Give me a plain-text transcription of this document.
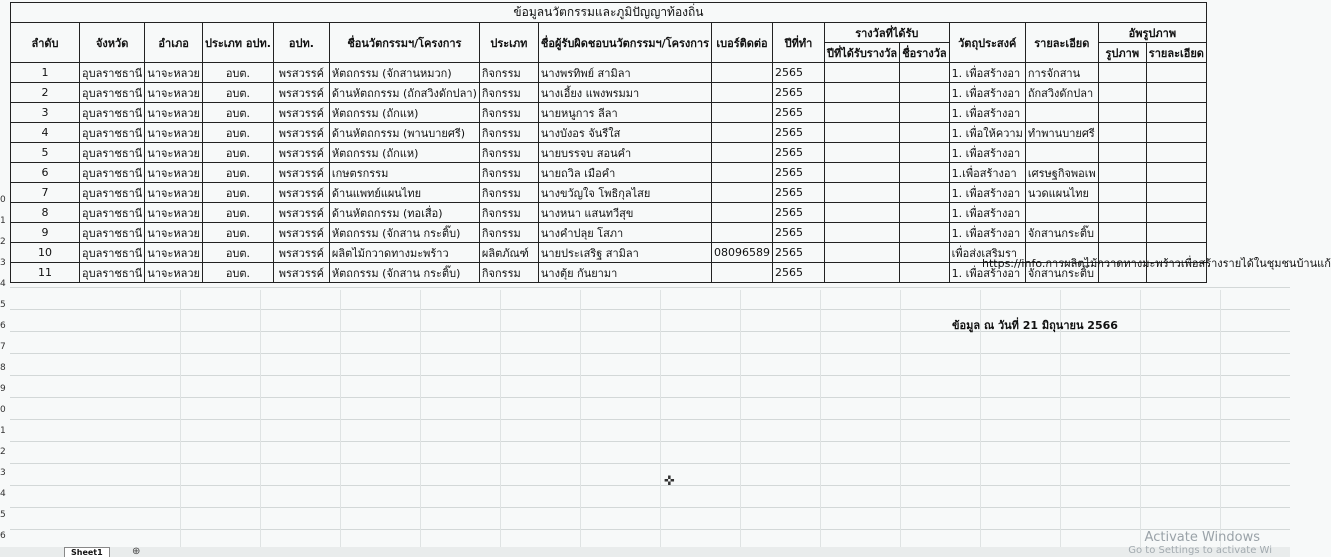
ข้อมูลนวัตกรรมและภูมิปัญญาท้องถิ่น															
ลำดับ	จังหวัด	อำเภอ	ประเภท อปท.	อปท.	ชื่อนวัตกรรมฯ/โครงการ	ประเภท	ชื่อผู้รับผิดชอบนวัตกรรมฯ/โครงการ	เบอร์ติดต่อ	ปีที่ทำ	รางวัลที่ได้รับ		วัตถุประสงค์	รายละเอียด	อัพรูปภาพ	
										ปีที่ได้รับรางวัล	ชื่อรางวัล			รูปภาพ	รายละเอียด
1	อุบลราชธานี	นาจะหลวย	อบต.	พรสวรรค์	หัตถกรรม (จักสานหมวก)	กิจกรรม	นางพรทิพย์ สามิลา		2565			1. เพื่อสร้างอา	การจักสาน		
2	อุบลราชธานี	นาจะหลวย	อบต.	พรสวรรค์	ด้านหัตถกรรม (ถักสวิงดักปลา)	กิจกรรม	นางเอี้ยง แพงพรมมา		2565			1. เพื่อสร้างอา	ถักสวิงดักปลา		
3	อุบลราชธานี	นาจะหลวย	อบต.	พรสวรรค์	หัตถกรรม (ถักแห)	กิจกรรม	นายหนูการ ลีลา		2565			1. เพื่อสร้างอา			
4	อุบลราชธานี	นาจะหลวย	อบต.	พรสวรรค์	ด้านหัตถกรรม (พานบายศรี)	กิจกรรม	นางบังอร จันรีใส		2565			1. เพื่อให้ความ	ทำพานบายศรี		
5	อุบลราชธานี	นาจะหลวย	อบต.	พรสวรรค์	หัตถกรรม (ถักแห)	กิจกรรม	นายบรรจบ สอนคำ		2565			1. เพื่อสร้างอา			
6	อุบลราชธานี	นาจะหลวย	อบต.	พรสวรรค์	เกษตรกรรม	กิจกรรม	นายถวิล เมือคำ		2565			1.เพื่อสร้างอา	เศรษฐกิจพอเพ		
7	อุบลราชธานี	นาจะหลวย	อบต.	พรสวรรค์	ด้านแพทย์แผนไทย	กิจกรรม	นางขวัญใจ โพธิกุลไสย		2565			1. เพื่อสร้างอา	นวดแผนไทย		
8	อุบลราชธานี	นาจะหลวย	อบต.	พรสวรรค์	ด้านหัตถกรรม (ทอเสื่อ)	กิจกรรม	นางหนา แสนทวีสุข		2565			1. เพื่อสร้างอา			
9	อุบลราชธานี	นาจะหลวย	อบต.	พรสวรรค์	หัตถกรรม (จักสาน กระติ๊บ)	กิจกรรม	นางคำปลุย โสภา		2565			1. เพื่อสร้างอา	จักสานกระติ๊บ		
10	อุบลราชธานี	นาจะหลวย	อบต.	พรสวรรค์	ผลิตไม้กวาดทางมะพร้าว	ผลิตภัณฑ์	นายประเสริฐ สามิลา	08096589	2565			เพื่อส่งเสริมรา			
11	อุบลราชธานี	นาจะหลวย	อบต.	พรสวรรค์	หัตถกรรม (จักสาน กระติ๊บ)	กิจกรรม	นางตุ้ย กันยามา		2565			1. เพื่อสร้างอา	จักสานกระติ๊บ		
https://info.การผลิตไม้กวาดทางมะพร้าวเพื่อสร้างรายได้ในชุมชนบ้านแก้
ข้อมูล ณ วันที่ 21 มิถุนายน 2566
✜
0
1
2
3
4
5
6
7
8
9
0
1
2
3
4
5
6
Sheet1	⊕
Activate Windows
Go to Settings to activate Wi
